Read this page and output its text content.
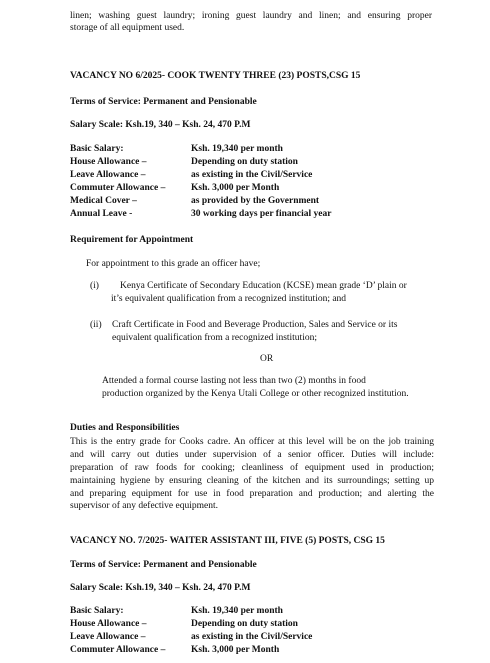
linen; washing guest laundry; ironing guest laundry and linen; and ensuring proper
storage of all equipment used.
VACANCY NO 6/2025- COOK TWENTY THREE (23) POSTS,CSG 15
Terms of Service: Permanent and Pensionable
Salary Scale: Ksh.19, 340 – Ksh. 24, 470 P.M
Basic Salary:	Ksh. 19,340 per month
House Allowance –	Depending on duty station
Leave Allowance –	as existing in the Civil/Service
Commuter Allowance –	Ksh. 3,000 per Month
Medical Cover –	as provided by the Government
Annual Leave -	30 working days per financial year
Requirement for Appointment
For appointment to this grade an officer have;
(i) Kenya Certificate of Secondary Education (KCSE) mean grade ‘D’ plain or
it’s equivalent qualification from a recognized institution; and
(ii) Craft Certificate in Food and Beverage Production, Sales and Service or its
equivalent qualification from a recognized institution;
OR
Attended a formal course lasting not less than two (2) months in food
production organized by the Kenya Utali College or other recognized institution.
Duties and Responsibilities
This is the entry grade for Cooks cadre. An officer at this level will be on the job training
and will carry out duties under supervision of a senior officer. Duties will include:
preparation of raw foods for cooking; cleanliness of equipment used in production;
maintaining hygiene by ensuring cleaning of the kitchen and its surroundings; setting up
and preparing equipment for use in food preparation and production; and alerting the
supervisor of any defective equipment.
VACANCY NO. 7/2025- WAITER ASSISTANT III, FIVE (5) POSTS, CSG 15
Terms of Service: Permanent and Pensionable
Salary Scale: Ksh.19, 340 – Ksh. 24, 470 P.M
Basic Salary:	Ksh. 19,340 per month
House Allowance –	Depending on duty station
Leave Allowance –	as existing in the Civil/Service
Commuter Allowance –	Ksh. 3,000 per Month
